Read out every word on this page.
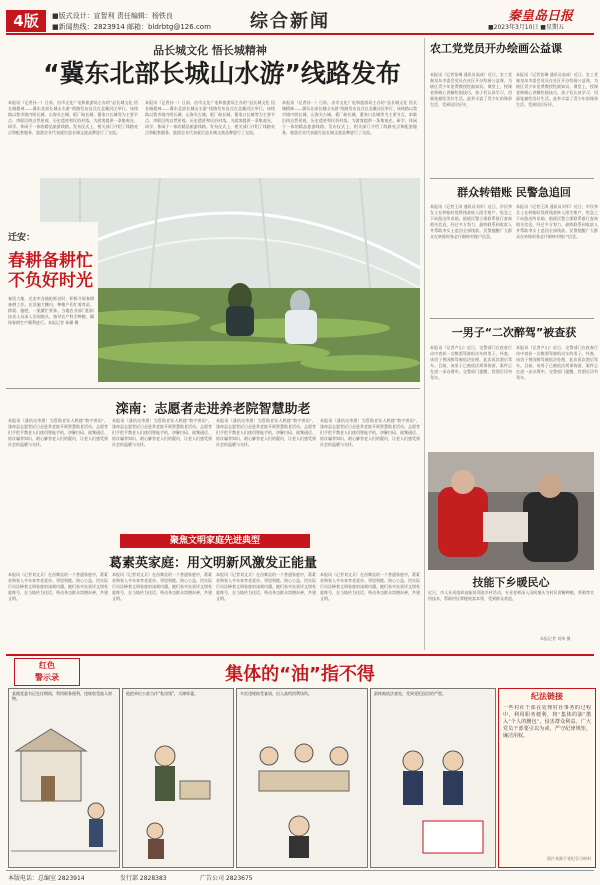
4版	■版式设计：宣智利 责任编辑：杨铁良
■新闻热线：2823914 邮箱：bldrbtg@126.com 综合新闻	秦皇岛日报
■2023年3月10日 ■星期五
品长城文化 悟长城精神
“冀东北部长城山水游”线路发布
本报讯（记者孙一）日前，由市文化广电和旅游局主办的“品长城文化 悟长城精神——冀东北部长城山水游”线路发布仪式在北戴河区举行。该线路以我市境内明长城、山海关古城、板厂峪长城、董家口长城等为主要节点，串联沿线自然景观、历史遗迹和民俗村落，为游客提供一条集观光、研学、休闲于一体的精品旅游线路。发布仪式上，相关部门介绍了线路亮点和配套服务，旅游企业代表就打造长城文旅品牌进行了交流。
本报讯（记者孙一）日前，由市文化广电和旅游局主办的“品长城文化 悟长城精神——冀东北部长城山水游”线路发布仪式在北戴河区举行。该线路以我市境内明长城、山海关古城、板厂峪长城、董家口长城等为主要节点，串联沿线自然景观、历史遗迹和民俗村落，为游客提供一条集观光、研学、休闲于一体的精品旅游线路。发布仪式上，相关部门介绍了线路亮点和配套服务，旅游企业代表就打造长城文旅品牌进行了交流。
本报讯（记者孙一）日前，由市文化广电和旅游局主办的“品长城文化 悟长城精神——冀东北部长城山水游”线路发布仪式在北戴河区举行。该线路以我市境内明长城、山海关古城、板厂峪长城、董家口长城等为主要节点，串联沿线自然景观、历史遗迹和民俗村落，为游客提供一条集观光、研学、休闲于一体的精品旅游线路。发布仪式上，相关部门介绍了线路亮点和配套服务，旅游企业代表就打造长城文旅品牌进行了交流。
迁安：
春耕备耕忙
不负好时光
春回大地，迁安市各地抢抓农时，积极开展春耕备耕工作。在设施大棚内，种植户们忙着育苗、移栽、施肥，一派繁忙景象。当地农业部门组织技术人员深入田间地头，指导农户科学种植，确保春耕生产顺利进行。本报记者 孙璐 摄
农工党党员开办绘画公益课
本报讯（记者张琳 通讯员高成）近日，农工党秦皇岛市委会党员在社区开办绘画公益课，为辖区青少年免费教授绘画知识。课堂上，授课老师耐心讲解绘画技巧，孩子们认真学习，用画笔描绘美好生活。此举丰富了青少年的课余生活，受到居民好评。
本报讯（记者张琳 通讯员高成）近日，农工党秦皇岛市委会党员在社区开办绘画公益课，为辖区青少年免费教授绘画知识。课堂上，授课老师耐心讲解绘画技巧，孩子们认真学习，用画笔描绘美好生活。此举丰富了青少年的课余生活，受到居民好评。
群众转错账 民警急追回
本报讯（记者王涛 通讯员刘军）近日，市民李女士在转账时误将钱款转入陌生账户，焦急之下向派出所求助。值班民警立即联系银行查询相关信息，经过多方努力，最终联系到收款人并帮助李女士追回全部钱款。民警提醒广大群众在转账时务必仔细核对账户信息。
本报讯（记者王涛 通讯员刘军）近日，市民李女士在转账时误将钱款转入陌生账户，焦急之下向派出所求助。值班民警立即联系银行查询相关信息，经过多方努力，最终联系到收款人并帮助李女士追回全部钱款。民警提醒广大群众在转账时务必仔细核对账户信息。
一男子“二次醉驾”被查获
本报讯（记者卢山）近日，交警部门在夜查行动中查获一名醉酒驾驶机动车的男子。经查，该男子曾因醉驾被依法处理，此次再次酒后驾车。目前，该男子已被依法刑事拘留，案件正在进一步办理中。交警部门提醒，饮酒后切勿驾车。
本报讯（记者卢山）近日，交警部门在夜查行动中查获一名醉酒驾驶机动车的男子。经查，该男子曾因醉驾被依法处理，此次再次酒后驾车。目前，该男子已被依法刑事拘留，案件正在进一步办理中。交警部门提醒，饮酒后切勿驾车。
技能下乡暖民心
近日，市人社局组织技能培训进乡村活动，专业老师深入田间地头为村民讲解种植、养殖等实用技术，帮助村民掌握致富本领，受到群众欢迎。
本报记者 刘伟 摄
滦南：志愿者走进养老院智慧助老
本报讯（通讯员李建）为帮助老年人跨越“数字鸿沟”，滦南县志愿者近日走进养老院开展智慧助老活动。志愿者们手把手教老人们使用智能手机，讲解扫码、视频通话、防诈骗等知识，耐心解答老人们的疑问，让老人们感受到社会的温暖与关怀。
本报讯（通讯员李建）为帮助老年人跨越“数字鸿沟”，滦南县志愿者近日走进养老院开展智慧助老活动。志愿者们手把手教老人们使用智能手机，讲解扫码、视频通话、防诈骗等知识，耐心解答老人们的疑问，让老人们感受到社会的温暖与关怀。
本报讯（通讯员李建）为帮助老年人跨越“数字鸿沟”，滦南县志愿者近日走进养老院开展智慧助老活动。志愿者们手把手教老人们使用智能手机，讲解扫码、视频通话、防诈骗等知识，耐心解答老人们的疑问，让老人们感受到社会的温暖与关怀。
本报讯（通讯员李建）为帮助老年人跨越“数字鸿沟”，滦南县志愿者近日走进养老院开展智慧助老活动。志愿者们手把手教老人们使用智能手机，讲解扫码、视频通话、防诈骗等知识，耐心解答老人们的疑问，让老人们感受到社会的温暖与关怀。
聚焦文明家庭先进典型
葛素英家庭：用文明新风激发正能量
本报讯（记者刘文兵）在昌黎县的一个普通家庭中，葛素英和家人多年来孝老爱亲、邻里和睦、热心公益，用实际行动诠释着文明家庭的深刻内涵。她们家多次获评文明家庭称号，在当地传为佳话，带动身边群众崇德向善、共建文明。
本报讯（记者刘文兵）在昌黎县的一个普通家庭中，葛素英和家人多年来孝老爱亲、邻里和睦、热心公益，用实际行动诠释着文明家庭的深刻内涵。她们家多次获评文明家庭称号，在当地传为佳话，带动身边群众崇德向善、共建文明。
本报讯（记者刘文兵）在昌黎县的一个普通家庭中，葛素英和家人多年来孝老爱亲、邻里和睦、热心公益，用实际行动诠释着文明家庭的深刻内涵。她们家多次获评文明家庭称号，在当地传为佳话，带动身边群众崇德向善、共建文明。
本报讯（记者刘文兵）在昌黎县的一个普通家庭中，葛素英和家人多年来孝老爱亲、邻里和睦、热心公益，用实际行动诠释着文明家庭的深刻内涵。她们家多次获评文明家庭称号，在当地传为佳话，带动身边群众崇德向善、共建文明。
红色
警示录	集体的“油”指不得
某镇党委书记在任期间，利用职务便利，违规收受他人财物。
他把单位公款当作“私房钱”，大肆挥霍。	多次违规接受宴请，出入高档消费场所。	最终被依法查处，受到党纪国法的严惩。	纪法链接
一些村社干部在处理村社事务的过程中，利用职务便利，将“集体的油”揩入“个人的腰包”，侵害群众利益。广大党员干部要引以为戒，严守纪律规矩，廉洁用权。
图片来源于党纪学习材料
本版电话：总编室 2823914	发行部 2828383	广告公司 2823675
